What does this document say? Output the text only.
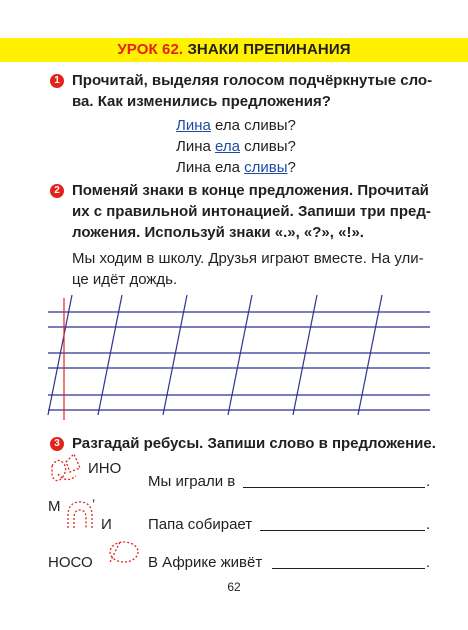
УРОК 62. ЗНАКИ ПРЕПИНАНИЯ
1 Прочитай, выделяя голосом подчёркнутые сло-
ва. Как изменились предложения?
Лина ела сливы?
Лина ела сливы?
Лина ела сливы?
2 Поменяй знаки в конце предложения. Прочитай
их с правильной интонацией. Запиши три пред-
ложения. Используй знаки «.», «?», «!».
Мы ходим в школу. Друзья играют вместе. На ули-
це идёт дождь.
3 Разгадай ребусы. Запиши слово в предложение.
ИНО
Мы играли в	.
М ’
И Папа собирает	.
НОСО	В Африке живёт	.
62
